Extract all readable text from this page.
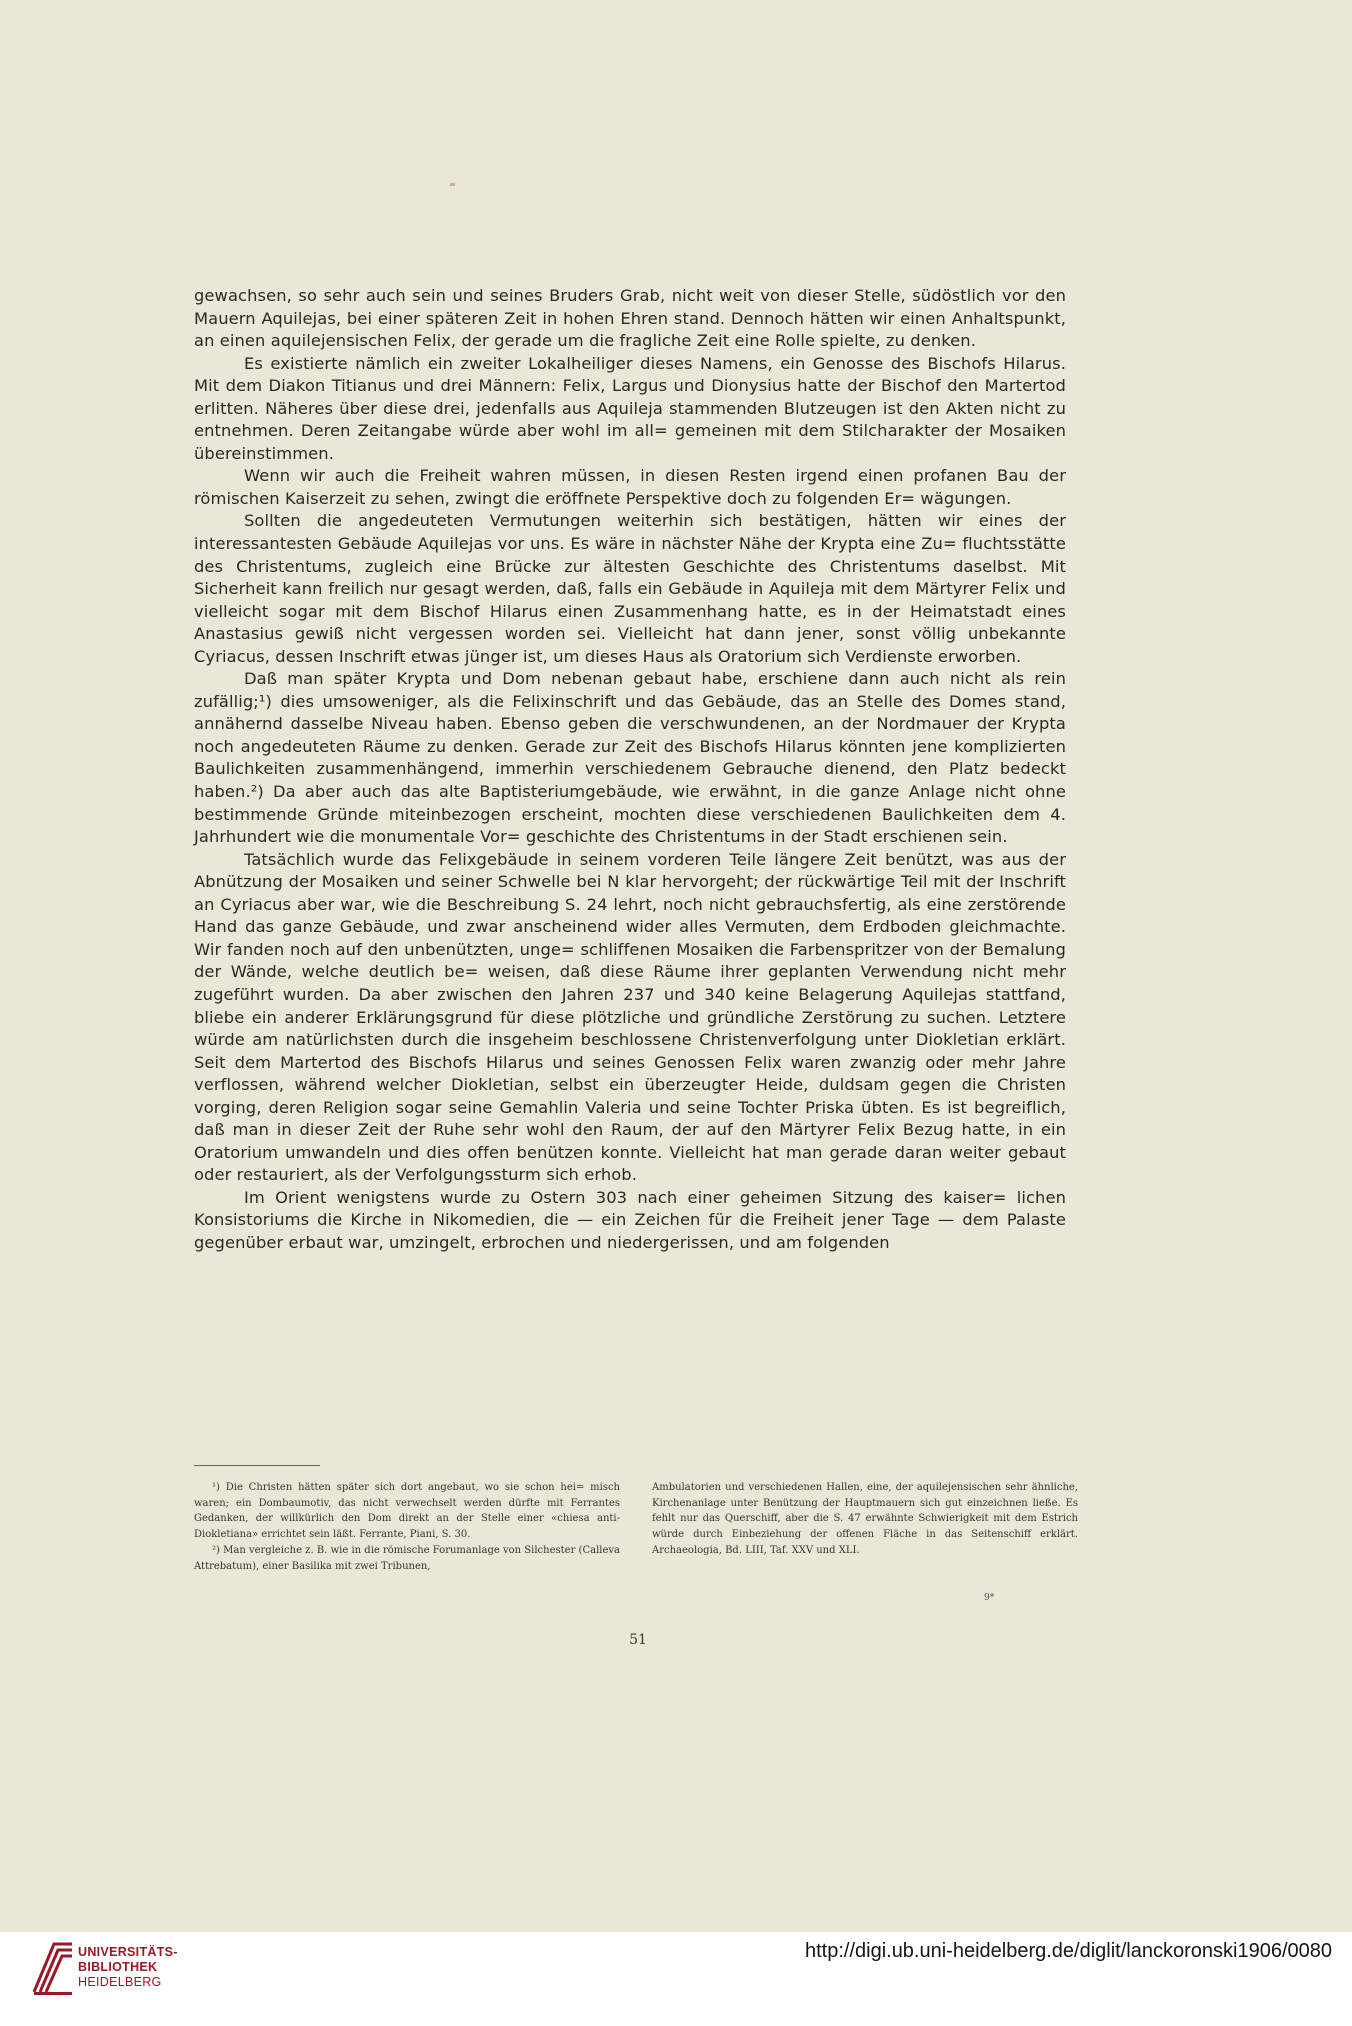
gewachsen, so sehr auch sein und seines Bruders Grab, nicht weit von dieser Stelle, südöstlich vor den Mauern Aquilejas, bei einer späteren Zeit in hohen Ehren stand. Dennoch hätten wir einen Anhaltspunkt, an einen aquilejensischen Felix, der gerade um die fragliche Zeit eine Rolle spielte, zu denken.

Es existierte nämlich ein zweiter Lokalheiliger dieses Namens, ein Genosse des Bischofs Hilarus. Mit dem Diakon Titianus und drei Männern: Felix, Largus und Dionysius hatte der Bischof den Martertod erlitten. Näheres über diese drei, jedenfalls aus Aquileja stammenden Blutzeugen ist den Akten nicht zu entnehmen. Deren Zeitangabe würde aber wohl im all= gemeinen mit dem Stilcharakter der Mosaiken übereinstimmen.

Wenn wir auch die Freiheit wahren müssen, in diesen Resten irgend einen profanen Bau der römischen Kaiserzeit zu sehen, zwingt die eröffnete Perspektive doch zu folgenden Er= wägungen.

Sollten die angedeuteten Vermutungen weiterhin sich bestätigen, hätten wir eines der interessantesten Gebäude Aquilejas vor uns. Es wäre in nächster Nähe der Krypta eine Zu= fluchtsstätte des Christentums, zugleich eine Brücke zur ältesten Geschichte des Christentums daselbst. Mit Sicherheit kann freilich nur gesagt werden, daß, falls ein Gebäude in Aquileja mit dem Märtyrer Felix und vielleicht sogar mit dem Bischof Hilarus einen Zusammenhang hatte, es in der Heimatstadt eines Anastasius gewiß nicht vergessen worden sei. Vielleicht hat dann jener, sonst völlig unbekannte Cyriacus, dessen Inschrift etwas jünger ist, um dieses Haus als Oratorium sich Verdienste erworben.

Daß man später Krypta und Dom nebenan gebaut habe, erschiene dann auch nicht als rein zufällig;¹) dies umsoweniger, als die Felixinschrift und das Gebäude, das an Stelle des Domes stand, annähernd dasselbe Niveau haben. Ebenso geben die verschwundenen, an der Nordmauer der Krypta noch angedeuteten Räume zu denken. Gerade zur Zeit des Bischofs Hilarus könnten jene komplizierten Baulichkeiten zusammenhängend, immerhin verschiedenem Gebrauche dienend, den Platz bedeckt haben.²) Da aber auch das alte Baptisteriumgebäude, wie erwähnt, in die ganze Anlage nicht ohne bestimmende Gründe miteinbezogen erscheint, mochten diese verschiedenen Baulichkeiten dem 4. Jahrhundert wie die monumentale Vor= geschichte des Christentums in der Stadt erschienen sein.

Tatsächlich wurde das Felixgebäude in seinem vorderen Teile längere Zeit benützt, was aus der Abnützung der Mosaiken und seiner Schwelle bei N klar hervorgeht; der rückwärtige Teil mit der Inschrift an Cyriacus aber war, wie die Beschreibung S. 24 lehrt, noch nicht gebrauchsfertig, als eine zerstörende Hand das ganze Gebäude, und zwar anscheinend wider alles Vermuten, dem Erdboden gleichmachte. Wir fanden noch auf den unbenützten, unge= schliffenen Mosaiken die Farbenspritzer von der Bemalung der Wände, welche deutlich be= weisen, daß diese Räume ihrer geplanten Verwendung nicht mehr zugeführt wurden. Da aber zwischen den Jahren 237 und 340 keine Belagerung Aquilejas stattfand, bliebe ein anderer Erklärungsgrund für diese plötzliche und gründliche Zerstörung zu suchen. Letztere würde am natürlichsten durch die insgeheim beschlossene Christenverfolgung unter Diokletian erklärt. Seit dem Martertod des Bischofs Hilarus und seines Genossen Felix waren zwanzig oder mehr Jahre verflossen, während welcher Diokletian, selbst ein überzeugter Heide, duldsam gegen die Christen vorging, deren Religion sogar seine Gemahlin Valeria und seine Tochter Priska übten. Es ist begreiflich, daß man in dieser Zeit der Ruhe sehr wohl den Raum, der auf den Märtyrer Felix Bezug hatte, in ein Oratorium umwandeln und dies offen benützen konnte. Vielleicht hat man gerade daran weiter gebaut oder restauriert, als der Verfolgungssturm sich erhob.

Im Orient wenigstens wurde zu Ostern 303 nach einer geheimen Sitzung des kaiser= lichen Konsistoriums die Kirche in Nikomedien, die — ein Zeichen für die Freiheit jener Tage — dem Palaste gegenüber erbaut war, umzingelt, erbrochen und niedergerissen, und am folgenden

¹) Die Christen hätten später sich dort angebaut, wo sie schon hei= misch waren; ein Dombaumotiv, das nicht verwechselt werden dürfte mit Ferrantes Gedanken, der willkürlich den Dom direkt an der Stelle einer «chiesa anti-Diokletiana» errichtet sein läßt. Ferrante, Piani, S. 30.

²) Man vergleiche z. B. wie in die römische Forumanlage von Silchester (Calleva Attrebatum), einer Basilika mit zwei Tribunen,

Ambulatorien und verschiedenen Hallen, eine, der aquilejensischen sehr ähnliche, Kirchenanlage unter Benützung der Hauptmauern sich gut einzeichnen ließe. Es fehlt nur das Querschiff, aber die S. 47 erwähnte Schwierigkeit mit dem Estrich würde durch Einbeziehung der offenen Fläche in das Seitenschiff erklärt. Archaeologia, Bd. LIII, Taf. XXV und XLI.

9*
51
UNIVERSITÄTS-
BIBLIOTHEK
HEIDELBERG
http://digi.ub.uni-heidelberg.de/diglit/lanckoronski1906/0080
